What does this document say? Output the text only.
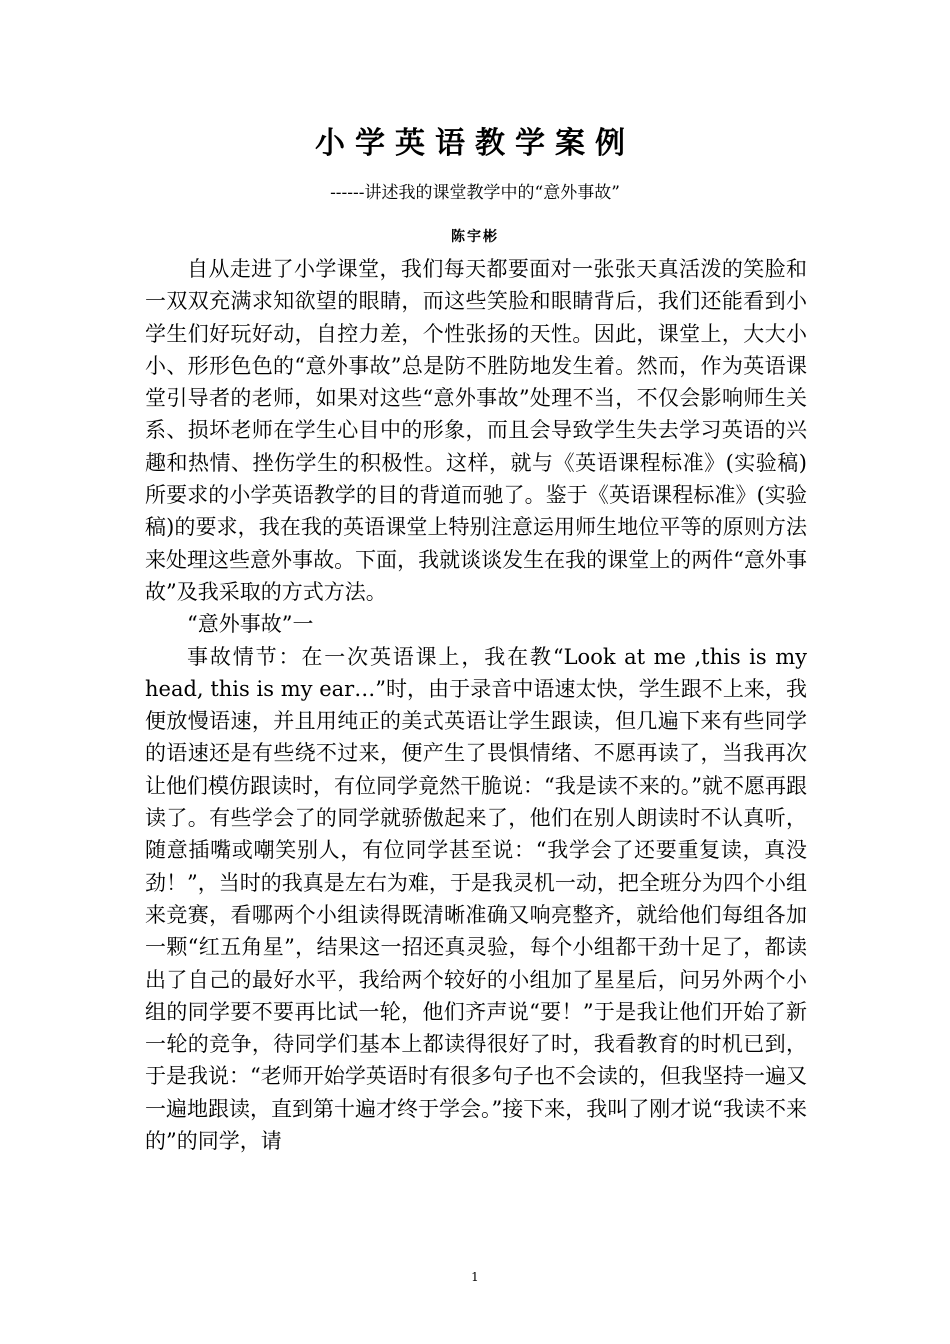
小学英语教学案例
------讲述我的课堂教学中的“意外事故”
陈宇彬

自从走进了小学课堂，我们每天都要面对一张张天真活泼的笑脸和一双双充满求知欲望的眼睛，而这些笑脸和眼睛背后，我们还能看到小学生们好玩好动，自控力差，个性张扬的天性。因此，课堂上，大大小小、形形色色的“意外事故”总是防不胜防地发生着。然而，作为英语课堂引导者的老师，如果对这些“意外事故”处理不当，不仅会影响师生关系、损坏老师在学生心目中的形象，而且会导致学生失去学习英语的兴趣和热情、挫伤学生的积极性。这样，就与《英语课程标准》(实验稿)所要求的小学英语教学的目的背道而驰了。鉴于《英语课程标准》(实验稿)的要求，我在我的英语课堂上特别注意运用师生地位平等的原则方法来处理这些意外事故。下面，我就谈谈发生在我的课堂上的两件“意外事故”及我采取的方式方法。

“意外事故”一

事故情节：在一次英语课上，我在教“Look at me ,this is my head, this is my ear…”时，由于录音中语速太快，学生跟不上来，我便放慢语速，并且用纯正的美式英语让学生跟读，但几遍下来有些同学的语速还是有些绕不过来，便产生了畏惧情绪、不愿再读了，当我再次让他们模仿跟读时，有位同学竟然干脆说：“我是读不来的。”就不愿再跟读了。有些学会了的同学就骄傲起来了，他们在别人朗读时不认真听，随意插嘴或嘲笑别人，有位同学甚至说：“我学会了还要重复读，真没劲！”，当时的我真是左右为难，于是我灵机一动，把全班分为四个小组来竞赛，看哪两个小组读得既清晰准确又响亮整齐，就给他们每组各加一颗“红五角星”，结果这一招还真灵验，每个小组都干劲十足了，都读出了自己的最好水平，我给两个较好的小组加了星星后，问另外两个小组的同学要不要再比试一轮，他们齐声说“要！”于是我让他们开始了新一轮的竞争，待同学们基本上都读得很好了时，我看教育的时机已到，于是我说：“老师开始学英语时有很多句子也不会读的，但我坚持一遍又一遍地跟读，直到第十遍才终于学会。”接下来，我叫了刚才说“我读不来的”的同学，请

1
